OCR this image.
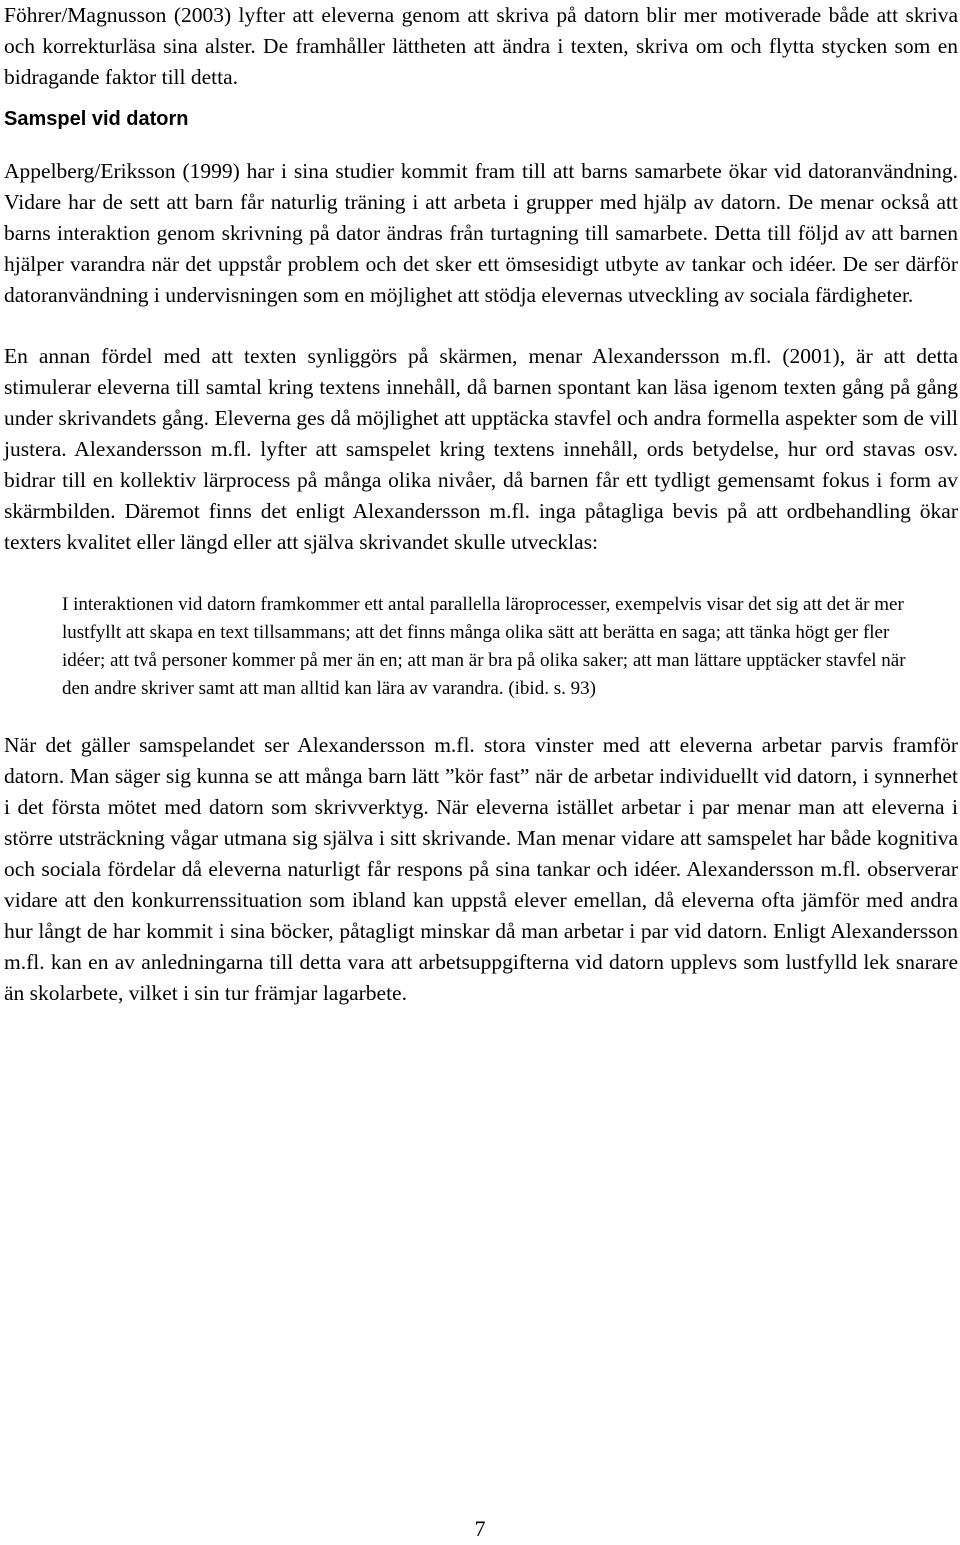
Föhrer/Magnusson (2003) lyfter att eleverna genom att skriva på datorn blir mer motiverade både att skriva och korrekturläsa sina alster. De framhåller lättheten att ändra i texten, skriva om och flytta stycken som en bidragande faktor till detta.

Samspel vid datorn

Appelberg/Eriksson (1999) har i sina studier kommit fram till att barns samarbete ökar vid datoranvändning. Vidare har de sett att barn får naturlig träning i att arbeta i grupper med hjälp av datorn. De menar också att barns interaktion genom skrivning på dator ändras från turtagning till samarbete. Detta till följd av att barnen hjälper varandra när det uppstår problem och det sker ett ömsesidigt utbyte av tankar och idéer. De ser därför datoranvändning i undervisningen som en möjlighet att stödja elevernas utveckling av sociala färdigheter.

En annan fördel med att texten synliggörs på skärmen, menar Alexandersson m.fl. (2001), är att detta stimulerar eleverna till samtal kring textens innehåll, då barnen spontant kan läsa igenom texten gång på gång under skrivandets gång. Eleverna ges då möjlighet att upptäcka stavfel och andra formella aspekter som de vill justera. Alexandersson m.fl. lyfter att samspelet kring textens innehåll, ords betydelse, hur ord stavas osv. bidrar till en kollektiv lärprocess på många olika nivåer, då barnen får ett tydligt gemensamt fokus i form av skärmbilden. Däremot finns det enligt Alexandersson m.fl. inga påtagliga bevis på att ordbehandling ökar texters kvalitet eller längd eller att själva skrivandet skulle utvecklas:

I interaktionen vid datorn framkommer ett antal parallella läroprocesser, exempelvis visar det sig att det är mer lustfyllt att skapa en text tillsammans; att det finns många olika sätt att berätta en saga; att tänka högt ger fler idéer; att två personer kommer på mer än en; att man är bra på olika saker; att man lättare upptäcker stavfel när den andre skriver samt att man alltid kan lära av varandra. (ibid. s. 93)

När det gäller samspelandet ser Alexandersson m.fl. stora vinster med att eleverna arbetar parvis framför datorn. Man säger sig kunna se att många barn lätt ”kör fast” när de arbetar individuellt vid datorn, i synnerhet i det första mötet med datorn som skrivverktyg. När eleverna istället arbetar i par menar man att eleverna i större utsträckning vågar utmana sig själva i sitt skrivande. Man menar vidare att samspelet har både kognitiva och sociala fördelar då eleverna naturligt får respons på sina tankar och idéer. Alexandersson m.fl. observerar vidare att den konkurrenssituation som ibland kan uppstå elever emellan, då eleverna ofta jämför med andra hur långt de har kommit i sina böcker, påtagligt minskar då man arbetar i par vid datorn. Enligt Alexandersson m.fl. kan en av anledningarna till detta vara att arbetsuppgifterna vid datorn upplevs som lustfylld lek snarare än skolarbete, vilket i sin tur främjar lagarbete.

7
